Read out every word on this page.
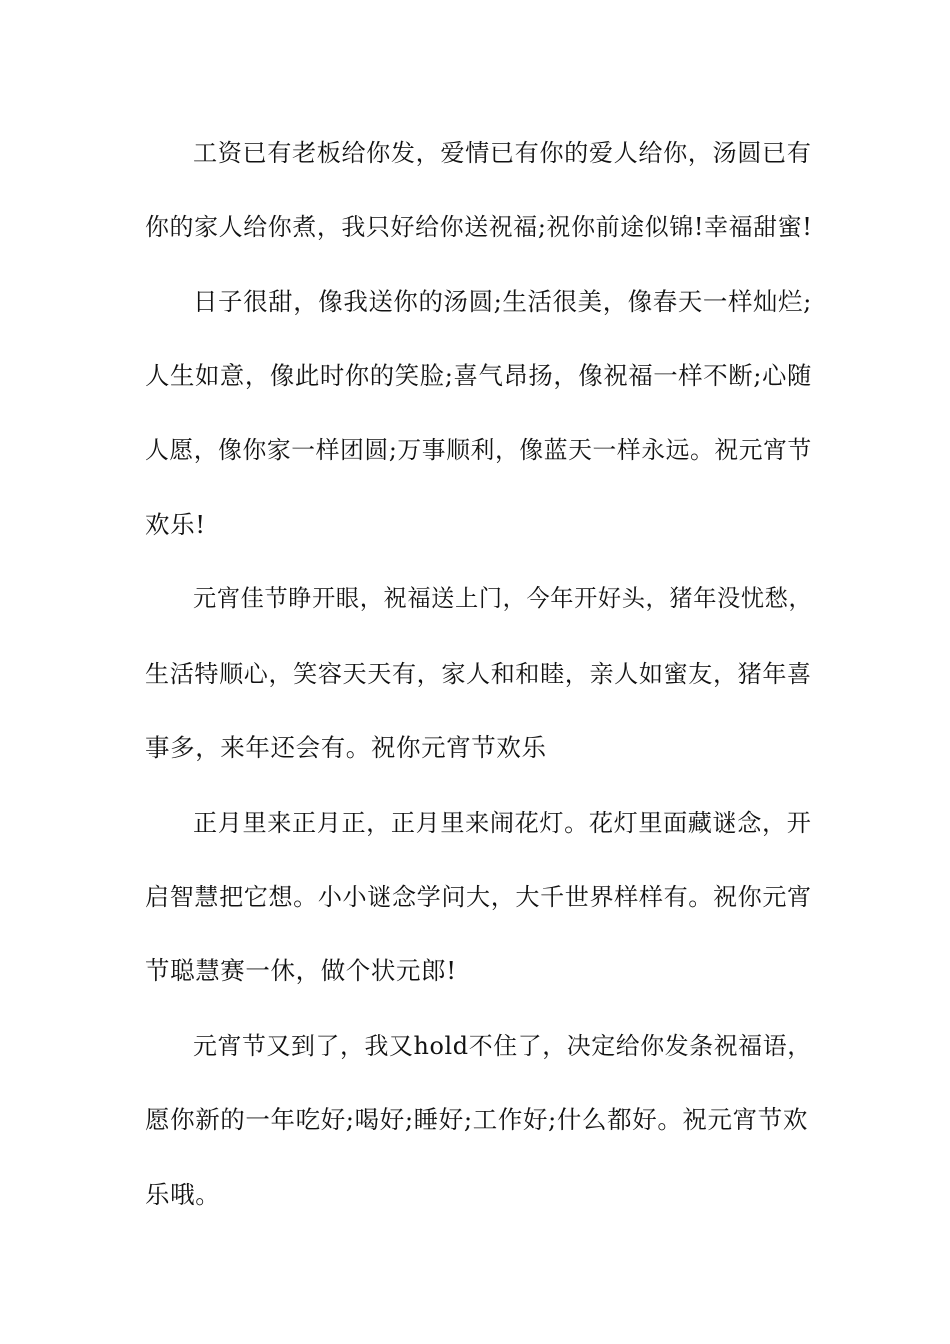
工资已有老板给你发，爱情已有你的爱人给你，汤圆已有
你的家人给你煮，我只好给你送祝福;祝你前途似锦!幸福甜蜜!
日子很甜，像我送你的汤圆;生活很美，像春天一样灿烂;
人生如意，像此时你的笑脸;喜气昂扬，像祝福一样不断;心随
人愿，像你家一样团圆;万事顺利，像蓝天一样永远。祝元宵节
欢乐!
元宵佳节睁开眼，祝福送上门，今年开好头，猪年没忧愁，
生活特顺心，笑容天天有，家人和和睦，亲人如蜜友，猪年喜
事多，来年还会有。祝你元宵节欢乐
正月里来正月正，正月里来闹花灯。花灯里面藏谜念，开
启智慧把它想。小小谜念学问大，大千世界样样有。祝你元宵
节聪慧赛一休，做个状元郎!
元宵节又到了，我又hold不住了，决定给你发条祝福语，
愿你新的一年吃好;喝好;睡好;工作好;什么都好。祝元宵节欢
乐哦。
